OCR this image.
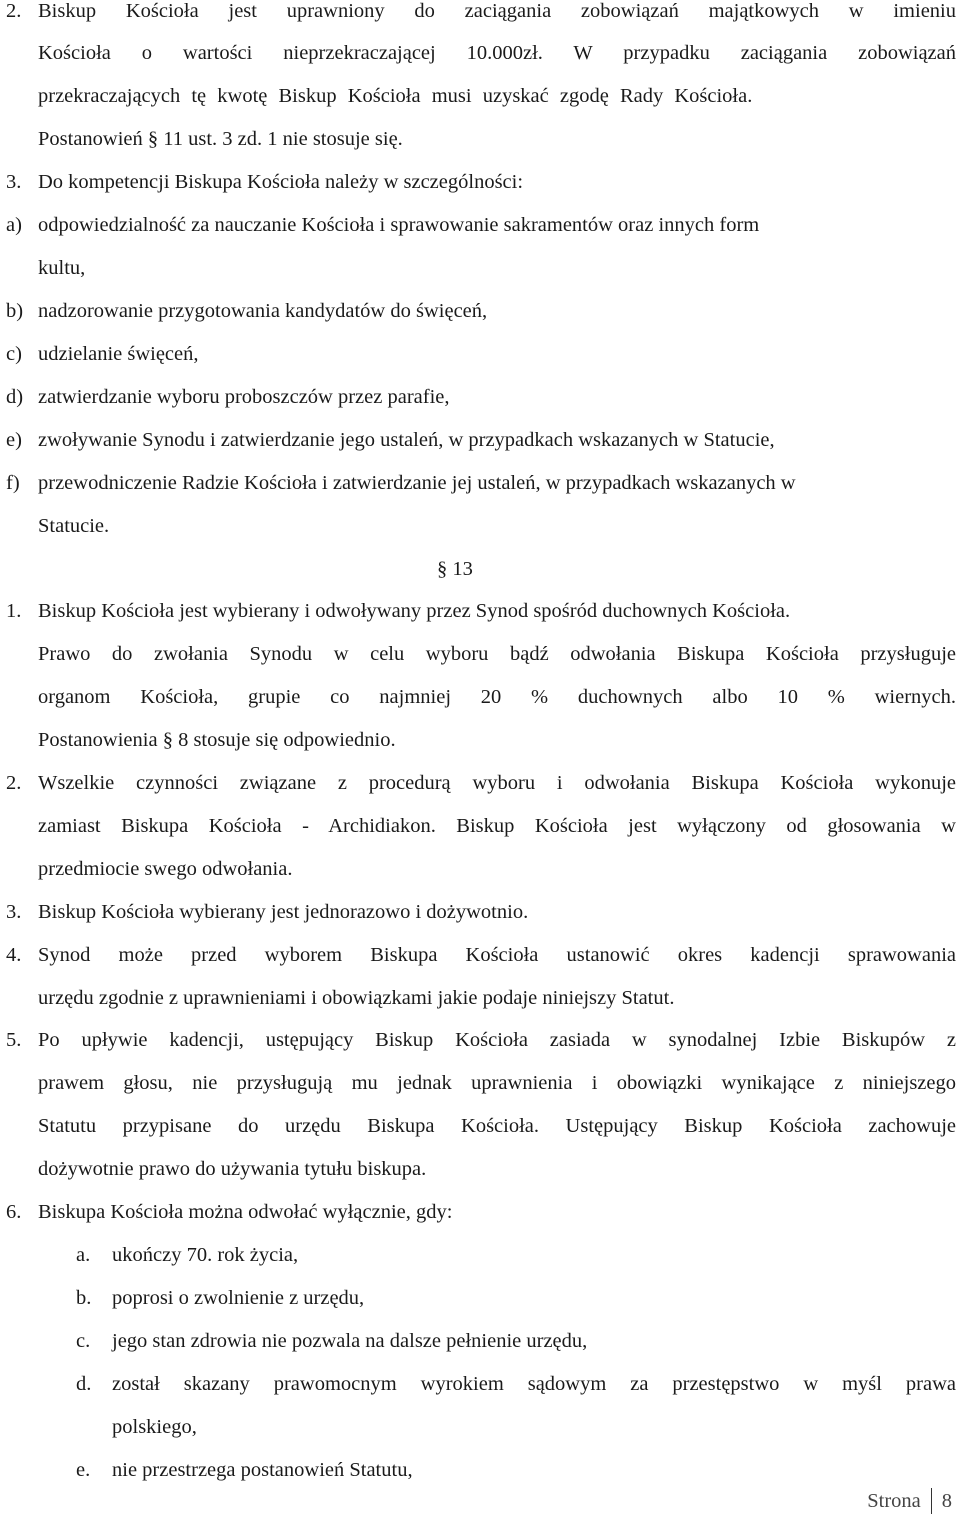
2. Biskup Kościoła jest uprawniony do zaciągania zobowiązań majątkowych w imieniu
Kościoła o wartości nieprzekraczającej 10.000zł. W przypadku zaciągania zobowiązań
przekraczających tę kwotę Biskup Kościoła musi uzyskać zgodę Rady Kościoła.
Postanowień § 11 ust. 3 zd. 1 nie stosuje się.
3. Do kompetencji Biskupa Kościoła należy w szczególności:
a) odpowiedzialność za nauczanie Kościoła i sprawowanie sakramentów oraz innych form
kultu,
b) nadzorowanie przygotowania kandydatów do święceń,
c) udzielanie święceń,
d) zatwierdzanie wyboru proboszczów przez parafie,
e) zwoływanie Synodu i zatwierdzanie jego ustaleń, w przypadkach wskazanych w Statucie,
f) przewodniczenie Radzie Kościoła i zatwierdzanie jej ustaleń, w przypadkach wskazanych w
Statucie.
§ 13
1. Biskup Kościoła jest wybierany i odwoływany przez Synod spośród duchownych Kościoła.
Prawo do zwołania Synodu w celu wyboru bądź odwołania Biskupa Kościoła przysługuje
organom Kościoła, grupie co najmniej 20 % duchownych albo 10 % wiernych.
Postanowienia § 8 stosuje się odpowiednio.
2. Wszelkie czynności związane z procedurą wyboru i odwołania Biskupa Kościoła wykonuje
zamiast Biskupa Kościoła - Archidiakon. Biskup Kościoła jest wyłączony od głosowania w
przedmiocie swego odwołania.
3. Biskup Kościoła wybierany jest jednorazowo i dożywotnio.
4. Synod może przed wyborem Biskupa Kościoła ustanowić okres kadencji sprawowania
urzędu zgodnie z uprawnieniami i obowiązkami jakie podaje niniejszy Statut.
5. Po upływie kadencji, ustępujący Biskup Kościoła zasiada w synodalnej Izbie Biskupów z
prawem głosu, nie przysługują mu jednak uprawnienia i obowiązki wynikające z niniejszego
Statutu przypisane do urzędu Biskupa Kościoła. Ustępujący Biskup Kościoła zachowuje
dożywotnie prawo do używania tytułu biskupa.
6. Biskupa Kościoła można odwołać wyłącznie, gdy:
a. ukończy 70. rok życia,
b. poprosi o zwolnienie z urzędu,
c. jego stan zdrowia nie pozwala na dalsze pełnienie urzędu,
d. został skazany prawomocnym wyrokiem sądowym za przestępstwo w myśl prawa
polskiego,
e. nie przestrzega postanowień Statutu,
Strona 8
